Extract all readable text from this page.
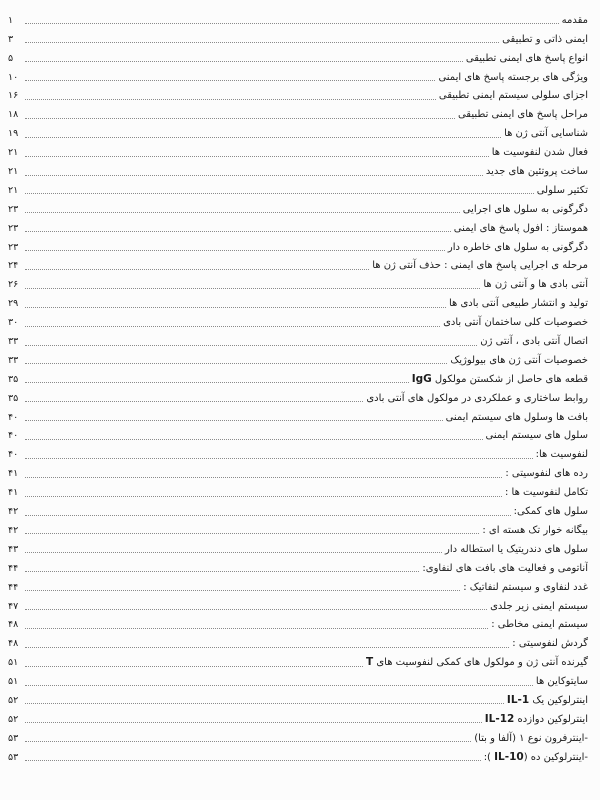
مقدمه
۱
ایمنی ذاتی و تطبیقی
۳
انواع پاسخ های ایمنی تطبیقی
۵
ویژگی های برجسته پاسخ های ایمنی
۱۰
اجزای سلولی سیستم ایمنی تطبیقی
۱۶
مراحل پاسخ های ایمنی تطبیقی
۱۸
شناسایی آنتی ژن ها
۱۹
فعال شدن لنفوسیت ها
۲۱
ساخت پروتئین های جدید
۲۱
تکثیر سلولی
۲۱
دگرگونی به سلول های اجرایی
۲۳
هموستاز : افول پاسخ های ایمنی
۲۳
دگرگونی به سلول های خاطره دار
۲۳
مرحله ی اجرایی پاسخ های ایمنی : حذف آنتی ژن ها
۲۴
آنتی بادی ها و آنتی ژن ها
۲۶
تولید و انتشار طبیعی آنتی بادی ها
۲۹
خصوصیات کلی ساختمان آنتی بادی
۳۰
اتصال آنتی بادی ، آنتی ژن
۳۳
خصوصیات آنتی ژن های بیولوژیک
۳۳
قطعه های حاصل از شکستن مولکول IgG
۳۵
روابط ساختاری و عملکردی در مولکول های آنتی بادی
۳۵
بافت ها وسلول های سیستم ایمنی
۴۰
سلول های سیستم ایمنی
۴۰
لنفوسیت ها:
۴۰
رده های لنفوسیتی :
۴۱
تکامل لنفوسیت ها :
۴۱
سلول های کمکی:
۴۲
بیگانه خوار تک هسته ای :
۴۲
سلول های دندریتیک یا استطاله دار
۴۳
آناتومی و فعالیت های بافت های لنفاوی:
۴۴
غدد لنفاوی و سیستم لنفاتیک :
۴۴
سیستم ایمنی زیر جلدی
۴۷
سیستم ایمنی مخاطی :
۴۸
گردش لنفوسیتی :
۴۸
گیرنده آنتی ژن و مولکول های کمکی لنفوسیت های T
۵۱
سایتوکاین ها
۵۱
اینترلوکین یک IL-1
۵۲
اینترلوکین دوازده IL-12
۵۲
-اینترفرون نوع ۱ (آلفا و بتا)
۵۳
-اینترلوکین ده (IL-10 ):
۵۳
